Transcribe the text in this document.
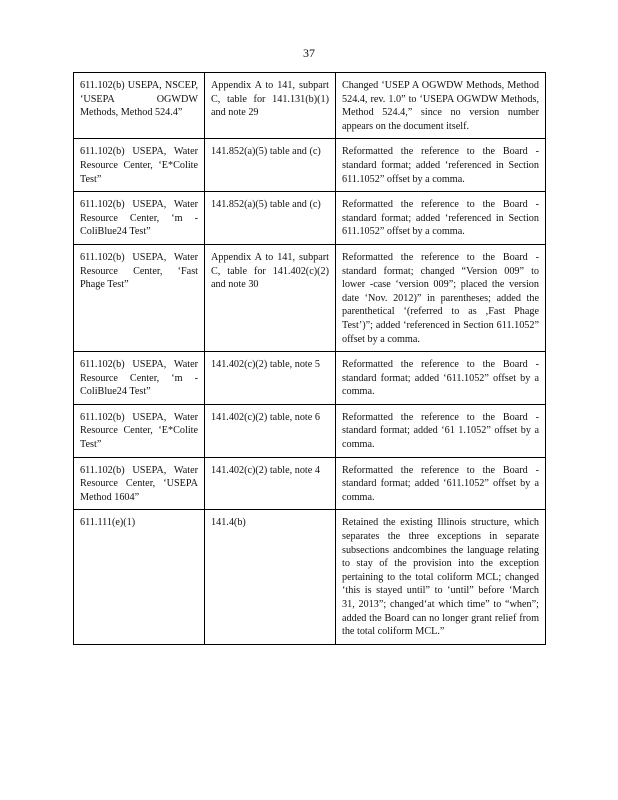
37
611.102(b) USEPA, NSCEP, ‘USEPA OGWDW Methods, Method 524.4”	Appendix A to 141, subpart C, table for 141.131(b)(1) and note 29	Changed ‘USEP A OGWDW Methods, Method 524.4, rev. 1.0” to ‘USEPA OGWDW Methods, Method 524.4,” since no version number appears on the document itself.
611.102(b) USEPA, Water Resource Center, ‘E*Colite Test”	141.852(a)(5) table and (c)	Reformatted the reference to the Board -standard format; added ‘referenced in Section 611.1052” offset by a comma.
611.102(b) USEPA, Water Resource Center, ‘m - ColiBlue24 Test”	141.852(a)(5) table and (c)	Reformatted the reference to the Board -standard format; added ‘referenced in Section 611.1052” offset by a comma.
611.102(b) USEPA, Water Resource Center, ‘Fast Phage Test”	Appendix A to 141, subpart C, table for 141.402(c)(2) and note 30	Reformatted the reference to the Board -standard format; changed “Version 009” to lower -case ‘version 009”; placed the version date ‘Nov. 2012)” in parentheses; added the parenthetical ‘(referred to as ,Fast Phage Test’)”; added ‘referenced in Section 611.1052” offset by a comma.
611.102(b) USEPA, Water Resource Center, ‘m - ColiBlue24 Test”	141.402(c)(2) table, note 5	Reformatted the reference to the Board -standard format; added ‘611.1052” offset by a comma.
611.102(b) USEPA, Water Resource Center, ‘E*Colite Test”	141.402(c)(2) table, note 6	Reformatted the reference to the Board -standard format; added ‘61 1.1052” offset by a comma.
611.102(b) USEPA, Water Resource Center, ‘USEPA Method 1604”	141.402(c)(2) table, note 4	Reformatted the reference to the Board -standard format; added ‘611.1052” offset by a comma.
611.111(e)(1)	141.4(b)	Retained the existing Illinois structure, which separates the three exceptions in separate subsections andcombines the language relating to stay of the provision into the exception pertaining to the total coliform MCL; changed ‘this is stayed until” to ‘until” before ‘March 31, 2013”; changed‘at which time” to “when”; added the Board can no longer grant relief from the total coliform MCL.”
